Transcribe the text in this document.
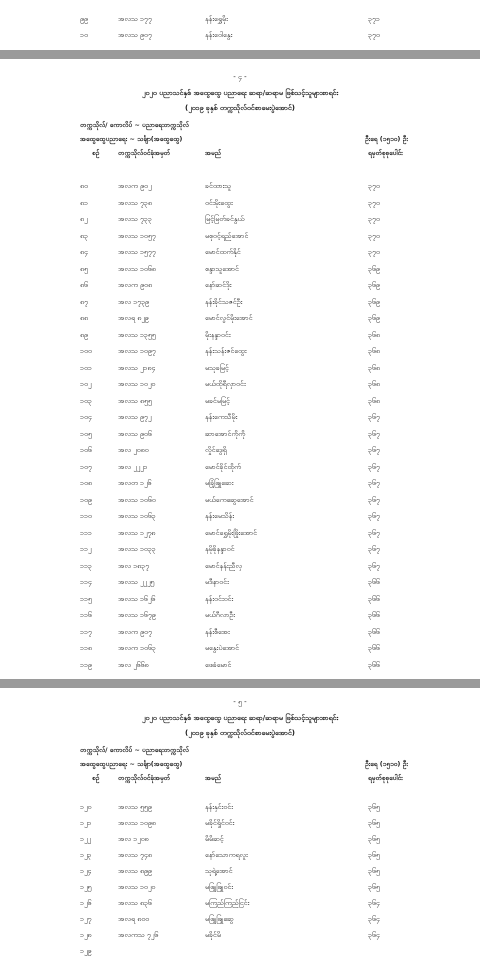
၉၉	အလသ ၁၇၇	နန်းရွှေမိုး	၃၇၁
၁၀	အလသ ၉၀၇	နန်းဝေါနွေး	၃၇၀
- ၄ -
၂၀၂၀ ပညာသင်နှစ် အထွေထွေ ပညာရေး ဆရာ/ဆရာမ ဖြစ်သင့်သူများစာရင်း
(၂၀၁၉ ခုနှစ် တက္ကသိုလ်ဝင်စာမေးပွဲအောင်)
တက္ကသိုလ်/ ကောလိပ် ~ ပညာရေးတက္ကသိုလ်
အထွေထွေပညာရေး ~ သင်္ချာ(အထွေထွေ)	ဦးရေ (၁၅၁၀) ဦး
စဉ်	တက္ကသိုလ်ဝင်ခုံအမှတ်	အမည်	ရမှတ်စုစုပေါင်း
၈၀	အလက ၉၀၂	ခင်ထားသူ	၃၇၀
၈၁	အလသ ၇၃၈	ဝင်းမိုးထွေး	၃၇၀
၈၂	အလသ ၇၃၃	မြင့်မြတ်ခင်နွယ်	၃၇၀
၈၃	အလသ ၁၀၅၇	မစုဝင့်ရည်အောင်	၃၇၀
၈၄	အလသ ၁၅၇၇	မောင်ထက်နိုင်	၃၇၀
၈၅	အလသ ၁၀၆၈	စန္ဒာသူအောင်	၃၆၉
၈၆	အလက ၉၀၈	နော်ဆင်ဒိုး	၃၆၉
၈၇	အလ ၁၇၃၉	နန်းခိုင်သဇင်ဦး	၃၆၉
၈၈	အလရ ၈၂၉	မောင်လွင်မိုးအောင်	၃၆၉
၈၉	အလသ ၁၃၅၅	မိုးနန္ဒာဝင်း	၃၆၈
၁၀၀	အလသ ၁၀၉၇	နန်းသန်းဇင်ထွေး	၃၆၈
၁၀၁	အလသ ၂၁၈၄	မသုခမြင့်	၃၆၈
၁၀၂	အလသ ၁၀၂၀	မယ်ထိုရီလှာဝင်း	၃၆၈
၁၀၃	အလသ ၈၅၅	မခင်မမြင့်	၃၆၈
၁၀၄	အလသ ၉၇၂	နန်းကေသီမိုး	၃၆၇
၁၀၅	အလသ ၉၀၆	ဆာအောင်ကိုကို	၃၆၇
၁၀၆	အလ ၂၀၈၀	လှိုင်ဒွေရှိ	၃၆၇
၁၀၇	အလ ၂၂၂၁	မောင်ခိုင်ထိုက်	၃၆၇
၁၀၈	အလတ ၁၂၆	မခြုံဖြူဆေး	၃၆၇
၁၀၉	အလသ ၁၀၆၀	မယ်ကေဆွေအောင်	၃၆၇
၁၁၀	အလသ ၁၀၆၃	နန်းမေသိန်း	၃၆၇
၁၁၁	အလသ ၁၂၇၈	မောင်ရွှေမိုးဖြိုးအောင်	၃၆၇
၁၁၂	အလသ ၁၀၃၃	နမိုခိုနန္ဒာဝင်	၃၆၇
၁၁၃	အလ ၁၈၃၇	မောင်နန်းညီလှ	၃၆၇
၁၁၄	အလသ ၂၂၂၅	မဒီနာဝင်း	၃၆၆
၁၁၅	အလသ ၁၆၂၆	နန်းဝင်းဝင်း	၃၆၆
၁၁၆	အလသ ၁၆၇၉	မယ်ဂီလာဦး	၃၆၆
၁၁၇	အလက ၉၀၇	နန်းစီအေး	၃၆၆
၁၁၈	အလက ၁၀၆၃	မနွေးပဲအောင်	၃၆၆
၁၁၉	အလ ၂၆၆၈	ဖေခံမောင်	၃၆၆
- ၅ -
၂၀၂၀ ပညာသင်နှစ် အထွေထွေ ပညာရေး ဆရာ/ဆရာမ ဖြစ်သင့်သူများစာရင်း
(၂၀၁၉ ခုနှစ် တက္ကသိုလ်ဝင်စာမေးပွဲအောင်)
တက္ကသိုလ်/ ကောလိပ် ~ ပညာရေးတက္ကသိုလ်
အထွေထွေပညာရေး ~ သင်္ချာ(အထွေထွေ)	ဦးရေ (၁၅၁၀) ဦး
စဉ်	တက္ကသိုလ်ဝင်ခုံအမှတ်	အမည်	ရမှတ်စုစုပေါင်း
၁၂၀	အလသ ၅၅၉	နန်းနှင်းဝင်း	၃၆၅
၁၂၁	အလသ ၁၀၉၈	မခိုင်ရှိုင်ဝင်း	၃၆၅
၁၂၂	အလ ၁၂၀၈	မိမိဆင့်	၃၆၅
၁၂၃	အလသ ၇၄၈	နော်သောကရလူး	၃၆၅
၁၂၄	အလသ ၈၉၉	သုရဲ့အောင်	၃၆၅
၁၂၅	အလသ ၁၀၂၀	မဖြူဖြူဝင်း	၃၆၅
၁၂၆	အလသ ၈၃၆	မကြည်ကြည်ငြင်း	၃၆၄
၁၂၇	အလရ ၈၀၀	မဖြူဖြူဆွေ	၃၆၄
၁၂၈	အလကသ ၇၂၆	မခိုင်မိ	၃၆၄
၁၂၉
